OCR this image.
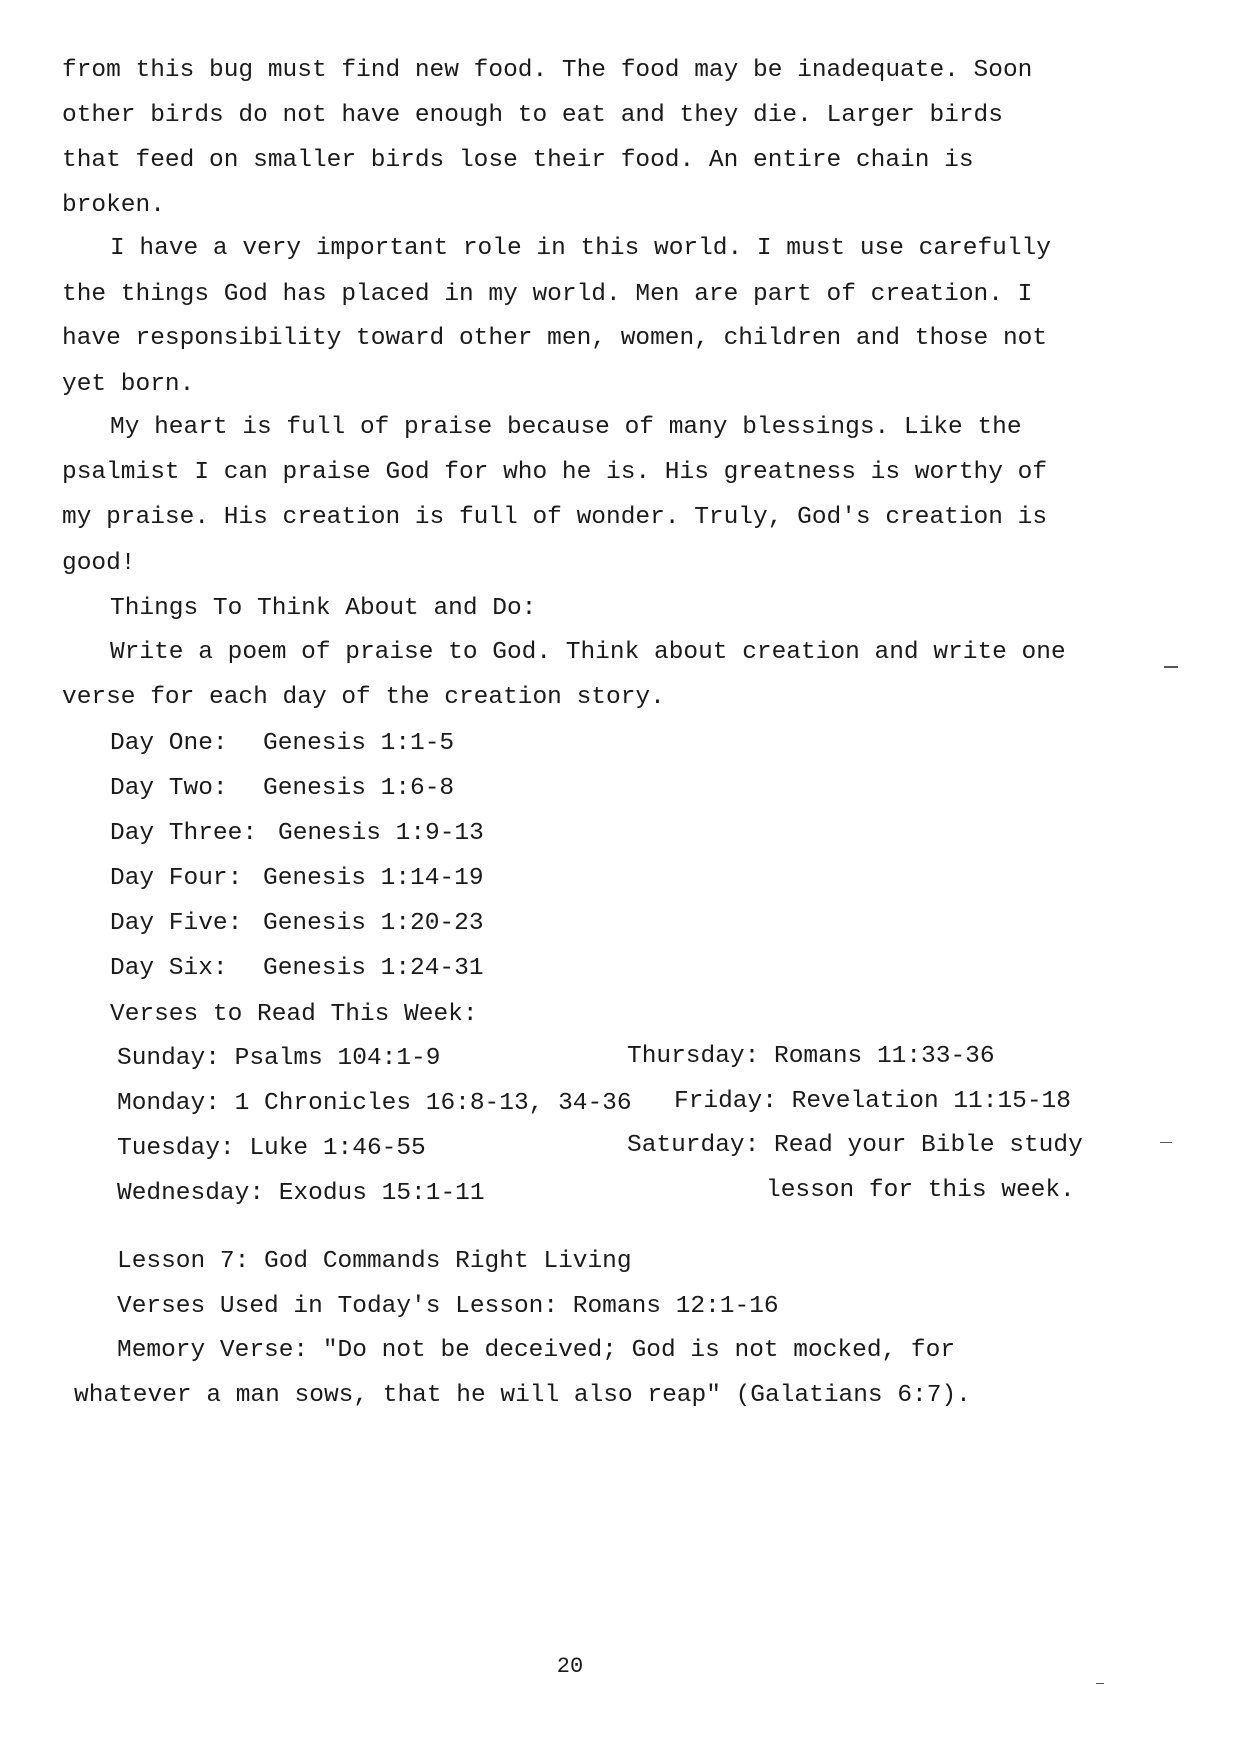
from this bug must find new food. The food may be inadequate. Soon
other birds do not have enough to eat and they die. Larger birds
that feed on smaller birds lose their food. An entire chain is
broken.
I have a very important role in this world. I must use carefully
the things God has placed in my world. Men are part of creation. I
have responsibility toward other men, women, children and those not
yet born.
My heart is full of praise because of many blessings. Like the
psalmist I can praise God for who he is. His greatness is worthy of
my praise. His creation is full of wonder. Truly, God's creation is
good!
Things To Think About and Do:
Write a poem of praise to God. Think about creation and write one
verse for each day of the creation story.
Day One: Genesis 1:1-5
Day Two: Genesis 1:6-8
Day Three: Genesis 1:9-13
Day Four: Genesis 1:14-19
Day Five: Genesis 1:20-23
Day Six: Genesis 1:24-31
Verses to Read This Week:
Sunday: Psalms 104:1-9
Monday: 1 Chronicles 16:8-13, 34-36
Tuesday: Luke 1:46-55
Wednesday: Exodus 15:1-11
Thursday: Romans 11:33-36
Friday: Revelation 11:15-18
Saturday: Read your Bible study
lesson for this week.
Lesson 7: God Commands Right Living
Verses Used in Today's Lesson: Romans 12:1-16
Memory Verse: "Do not be deceived; God is not mocked, for
whatever a man sows, that he will also reap" (Galatians 6:7).
20
